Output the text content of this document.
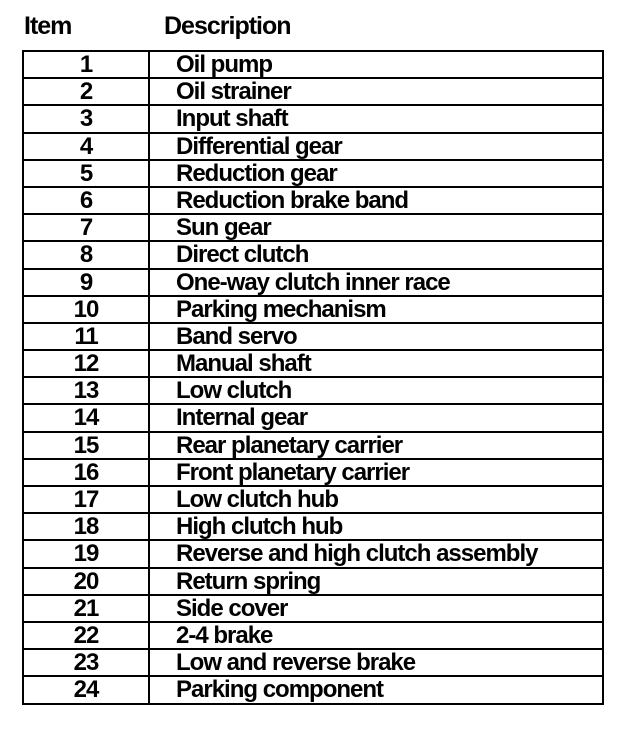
Item	Description
1	Oil pump
2	Oil strainer
3	Input shaft
4	Differential gear
5	Reduction gear
6	Reduction brake band
7	Sun gear
8	Direct clutch
9	One-way clutch inner race
10	Parking mechanism
11	Band servo
12	Manual shaft
13	Low clutch
14	Internal gear
15	Rear planetary carrier
16	Front planetary carrier
17	Low clutch hub
18	High clutch hub
19	Reverse and high clutch assembly
20	Return spring
21	Side cover
22	2-4 brake
23	Low and reverse brake
24	Parking component
